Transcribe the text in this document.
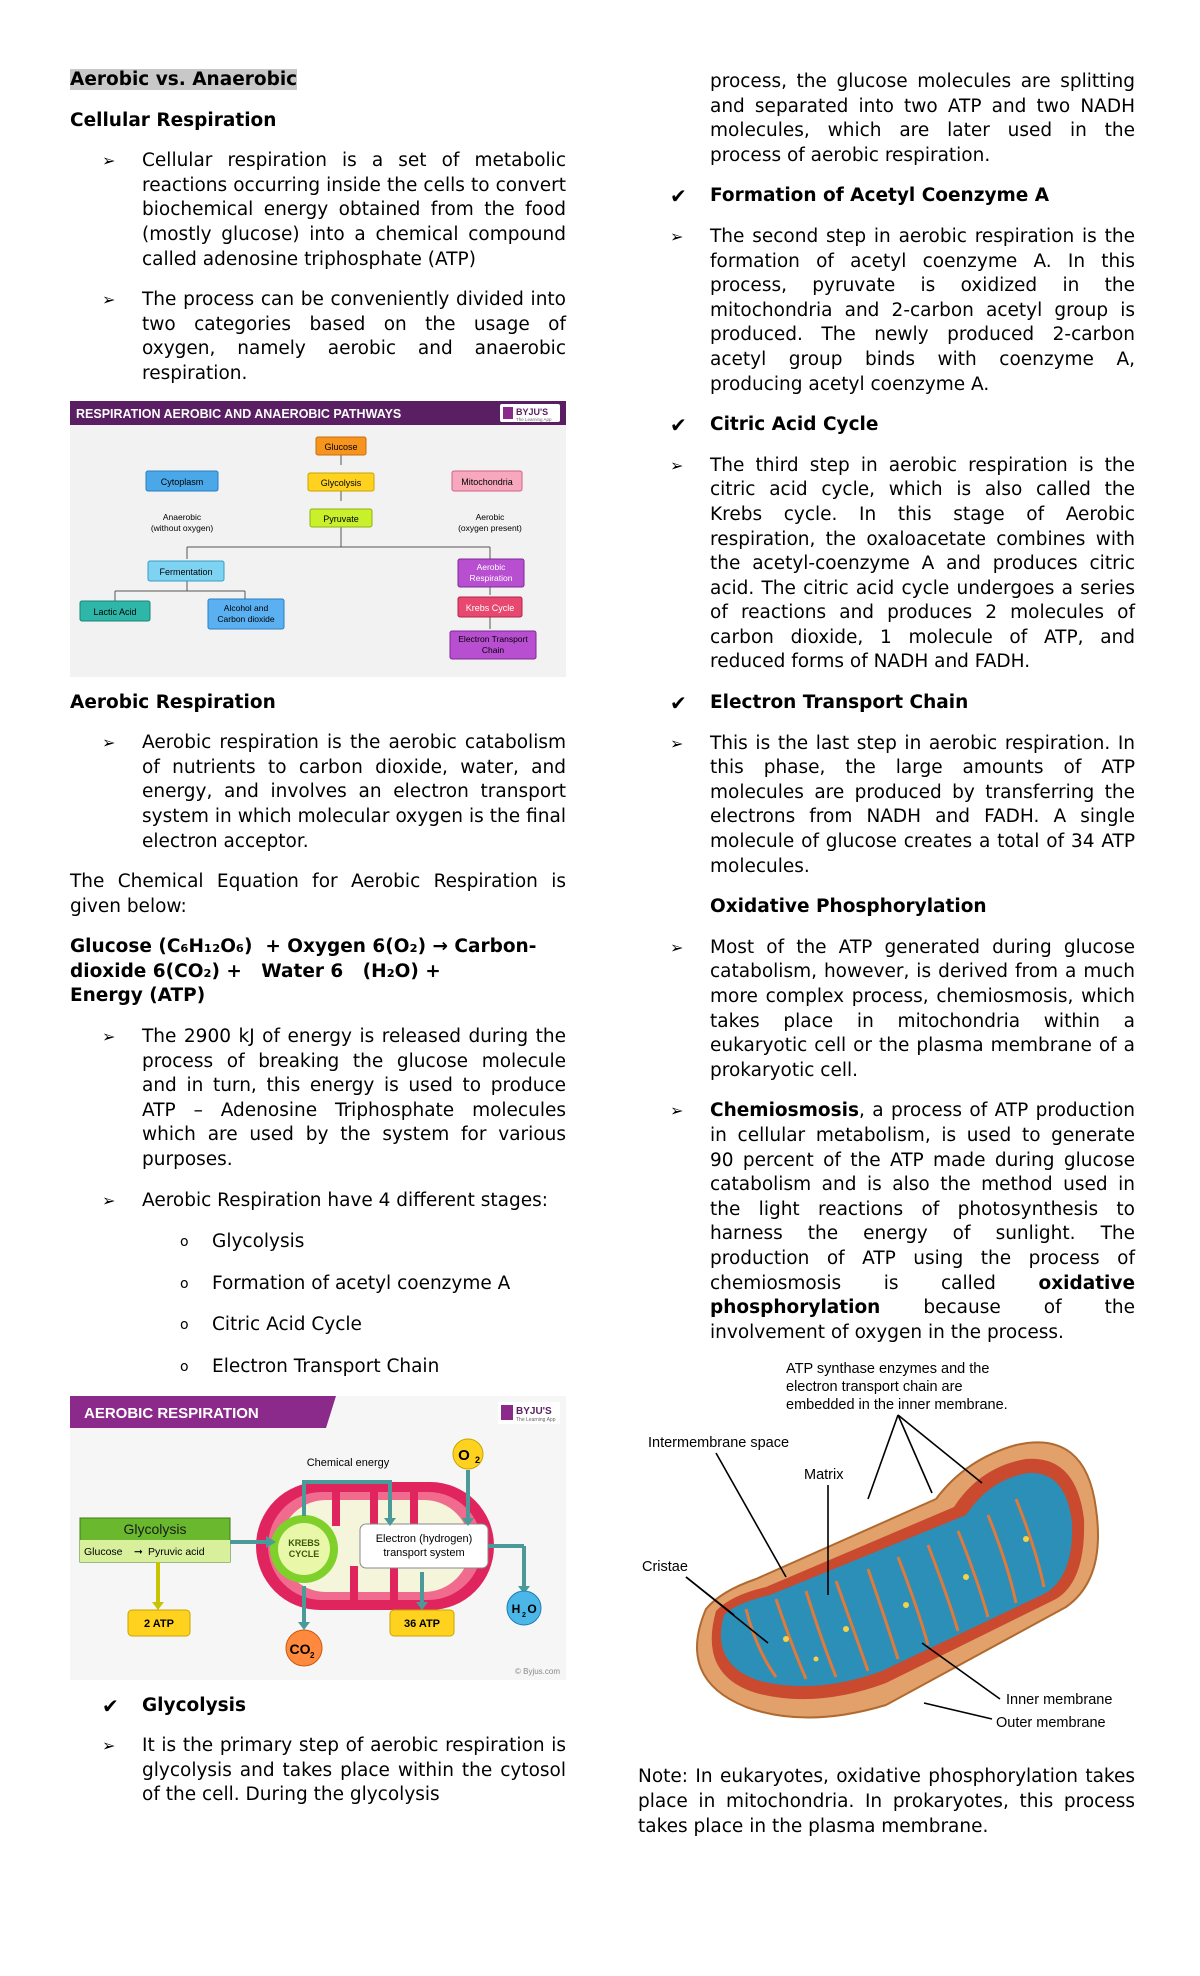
Aerobic vs. Anaerobic
Cellular Respiration
➢	Cellular respiration is a set of metabolic reactions occurring inside the cells to convert biochemical energy obtained from the food (mostly glucose) into a chemical compound called adenosine triphosphate (ATP)
➢	The process can be conveniently divided into two categories based on the usage of oxygen, namely aerobic and anaerobic respiration.
RESPIRATION AEROBIC AND ANAEROBIC PATHWAYS	BYJU'S
The Learning App
Glucose
Glycolysis
Pyruvate
Cytoplasm	Mitochondria
Anaerobic
(without oxygen)
Aerobic
(oxygen present)
Fermentation
Lactic Acid	Alcohol and
Carbon dioxide
Aerobic
Respiration
Krebs Cycle
Electron Transport
Chain
Aerobic Respiration
➢	Aerobic respiration is the aerobic catabolism of nutrients to carbon dioxide, water, and energy, and involves an electron transport system in which molecular oxygen is the final electron acceptor.

The Chemical Equation for Aerobic Respiration is given below:

Glucose (C₆H₁₂O₆)  + Oxygen 6(O₂) → Carbon-
dioxide 6(CO₂) +   Water 6   (H₂O) +
Energy (ATP)
➢	The 2900 kJ of energy is released during the process of breaking the glucose molecule and in turn, this energy is used to produce ATP – Adenosine Triphosphate molecules which are used by the system for various purposes.
➢	Aerobic Respiration have 4 different stages:
o	Glycolysis
o	Formation of acetyl coenzyme A
o	Citric Acid Cycle
o	Electron Transport Chain
AEROBIC RESPIRATION	BYJU'S
The Learning App
KREBS
CYCLE
Electron (hydrogen)
transport system
Glycolysis
Glucose ➞ Pyruvic acid
Chemical energy	O 2
2 ATP
CO 2
36 ATP
H 2 O
© Byjus.com
✔	Glycolysis
➢	It is the primary step of aerobic respiration is glycolysis and takes place within the cytosol of the cell. During the glycolysis
process, the glucose molecules are splitting and separated into two ATP and two NADH molecules, which are later used in the process of aerobic respiration.
✔	Formation of Acetyl Coenzyme A
➢	The second step in aerobic respiration is the formation of acetyl coenzyme A. In this process, pyruvate is oxidized in the mitochondria and 2-carbon acetyl group is produced. The newly produced 2-carbon acetyl group binds with coenzyme A, producing acetyl coenzyme A.
✔	Citric Acid Cycle
➢	The third step in aerobic respiration is the citric acid cycle, which is also called the Krebs cycle. In this stage of Aerobic respiration, the oxaloacetate combines with the acetyl-coenzyme A and produces citric acid. The citric acid cycle undergoes a series of reactions and produces 2 molecules of carbon dioxide, 1 molecule of ATP, and reduced forms of NADH and FADH.
✔	Electron Transport Chain
➢	This is the last step in aerobic respiration. In this phase, the large amounts of ATP molecules are produced by transferring the electrons from NADH and FADH. A single molecule of glucose creates a total of 34 ATP molecules.
Oxidative Phosphorylation
➢	Most of the ATP generated during glucose catabolism, however, is derived from a much more complex process, chemiosmosis, which takes place in mitochondria within a eukaryotic cell or the plasma membrane of a prokaryotic cell.
➢	Chemiosmosis, a process of ATP production in cellular metabolism, is used to generate 90 percent of the ATP made during glucose catabolism and is also the method used in the light reactions of photosynthesis to harness the energy of sunlight. The production of ATP using the process of chemiosmosis is called oxidative phosphorylation because of the involvement of oxygen in the process.
ATP synthase enzymes and the
electron transport chain are
embedded in the inner membrane.
Intermembrane space
Matrix
Cristae
Inner membrane
Outer membrane

Note: In eukaryotes, oxidative phosphorylation takes place in mitochondria. In prokaryotes, this process takes place in the plasma membrane.
